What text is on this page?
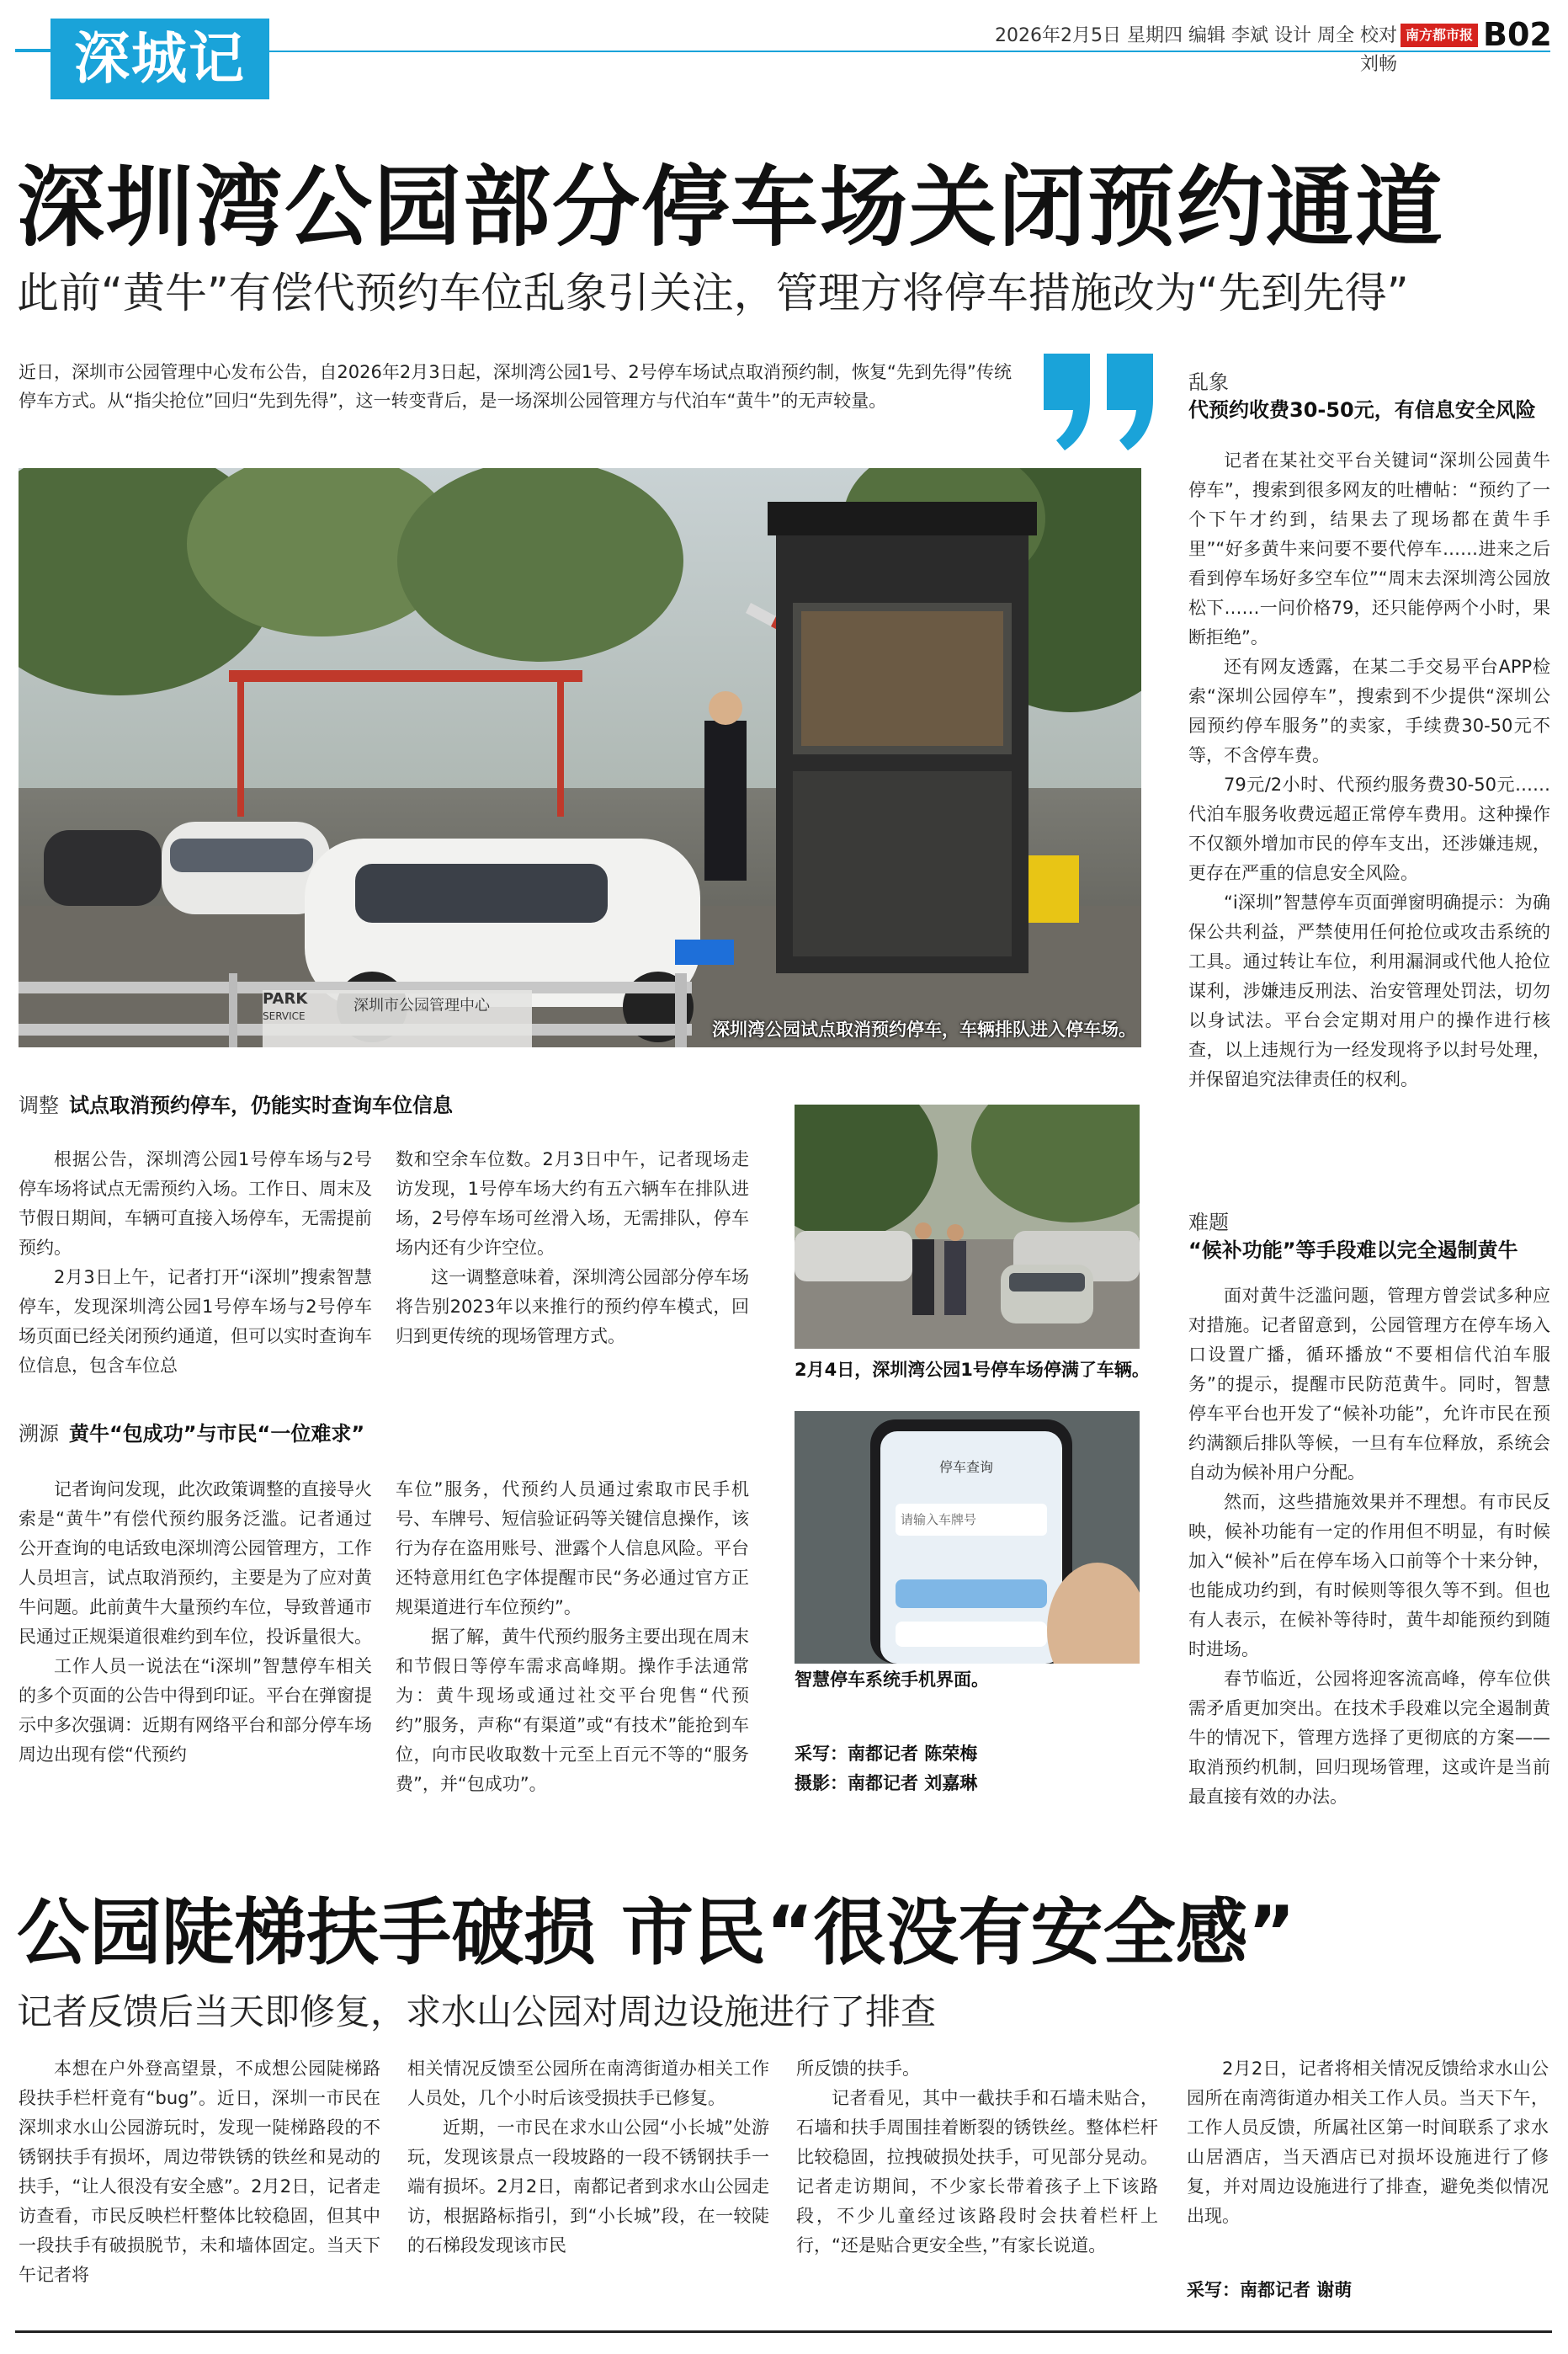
深城记	2026年2月5日 星期四 编辑 李斌 设计 周全 校对 刘畅
南方都市报 B02
深圳湾公园部分停车场关闭预约通道
此前“黄牛”有偿代预约车位乱象引关注，管理方将停车措施改为“先到先得”
近日，深圳市公园管理中心发布公告，自2026年2月3日起，深圳湾公园1号、2号停车场试点取消预约制，恢复“先到先得”传统停车方式。从“指尖抢位”回归“先到先得”，这一转变背后，是一场深圳公园管理方与代泊车“黄牛”的无声较量。
PARK
SERVICE
深圳市公园管理中心
深圳湾公园试点取消预约停车，车辆排队进入停车场。
乱象
代预约收费30-50元，有信息安全风险

记者在某社交平台关键词“深圳公园黄牛停车”，搜索到很多网友的吐槽帖：“预约了一个下午才约到，结果去了现场都在黄牛手里”“好多黄牛来问要不要代停车……进来之后看到停车场好多空车位”“周末去深圳湾公园放松下……一问价格79，还只能停两个小时，果断拒绝”。

还有网友透露，在某二手交易平台APP检索“深圳公园停车”，搜索到不少提供“深圳公园预约停车服务”的卖家，手续费30-50元不等，不含停车费。

79元/2小时、代预约服务费30-50元……代泊车服务收费远超正常停车费用。这种操作不仅额外增加市民的停车支出，还涉嫌违规，更存在严重的信息安全风险。

“i深圳”智慧停车页面弹窗明确提示：为确保公共利益，严禁使用任何抢位或攻击系统的工具。通过转让车位，利用漏洞或代他人抢位谋利，涉嫌违反刑法、治安管理处罚法，切勿以身试法。平台会定期对用户的操作进行核查，以上违规行为一经发现将予以封号处理，并保留追究法律责任的权利。

难题
“候补功能”等手段难以完全遏制黄牛

面对黄牛泛滥问题，管理方曾尝试多种应对措施。记者留意到，公园管理方在停车场入口设置广播，循环播放“不要相信代泊车服务”的提示，提醒市民防范黄牛。同时，智慧停车平台也开发了“候补功能”，允许市民在预约满额后排队等候，一旦有车位释放，系统会自动为候补用户分配。

然而，这些措施效果并不理想。有市民反映，候补功能有一定的作用但不明显，有时候加入“候补”后在停车场入口前等个十来分钟，也能成功约到，有时候则等很久等不到。但也有人表示，在候补等待时，黄牛却能预约到随时进场。

春节临近，公园将迎客流高峰，停车位供需矛盾更加突出。在技术手段难以完全遏制黄牛的情况下，管理方选择了更彻底的方案——取消预约机制，回归现场管理，这或许是当前最直接有效的办法。

调整 试点取消预约停车，仍能实时查询车位信息

根据公告，深圳湾公园1号停车场与2号停车场将试点无需预约入场。工作日、周末及节假日期间，车辆可直接入场停车，无需提前预约。

2月3日上午，记者打开“i深圳”搜索智慧停车，发现深圳湾公园1号停车场与2号停车场页面已经关闭预约通道，但可以实时查询车位信息，包含车位总

数和空余车位数。2月3日中午，记者现场走访发现，1号停车场大约有五六辆车在排队进场，2号停车场可丝滑入场，无需排队，停车场内还有少许空位。

这一调整意味着，深圳湾公园部分停车场将告别2023年以来推行的预约停车模式，回归到更传统的现场管理方式。

溯源 黄牛“包成功”与市民“一位难求”

记者询问发现，此次政策调整的直接导火索是“黄牛”有偿代预约服务泛滥。记者通过公开查询的电话致电深圳湾公园管理方，工作人员坦言，试点取消预约，主要是为了应对黄牛问题。此前黄牛大量预约车位，导致普通市民通过正规渠道很难约到车位，投诉量很大。

工作人员一说法在“i深圳”智慧停车相关的多个页面的公告中得到印证。平台在弹窗提示中多次强调：近期有网络平台和部分停车场周边出现有偿“代预约

车位”服务，代预约人员通过索取市民手机号、车牌号、短信验证码等关键信息操作，该行为存在盗用账号、泄露个人信息风险。平台还特意用红色字体提醒市民“务必通过官方正规渠道进行车位预约”。

据了解，黄牛代预约服务主要出现在周末和节假日等停车需求高峰期。操作手法通常为：黄牛现场或通过社交平台兜售“代预约”服务，声称“有渠道”或“有技术”能抢到车位，向市民收取数十元至上百元不等的“服务费”，并“包成功”。

2月4日，深圳湾公园1号停车场停满了车辆。
停车查询
请输入车牌号
智慧停车系统手机界面。
采写：南都记者 陈荣梅
摄影：南都记者 刘嘉琳
公园陡梯扶手破损 市民“很没有安全感”
记者反馈后当天即修复，求水山公园对周边设施进行了排查

本想在户外登高望景，不成想公园陡梯路段扶手栏杆竟有“bug”。近日，深圳一市民在深圳求水山公园游玩时，发现一陡梯路段的不锈钢扶手有损坏，周边带铁锈的铁丝和晃动的扶手，“让人很没有安全感”。2月2日，记者走访查看，市民反映栏杆整体比较稳固，但其中一段扶手有破损脱节，未和墙体固定。当天下午记者将

相关情况反馈至公园所在南湾街道办相关工作人员处，几个小时后该受损扶手已修复。

近期，一市民在求水山公园“小长城”处游玩，发现该景点一段坡路的一段不锈钢扶手一端有损坏。2月2日，南都记者到求水山公园走访，根据路标指引，到“小长城”段，在一较陡的石梯段发现该市民

所反馈的扶手。

记者看见，其中一截扶手和石墙未贴合，石墙和扶手周围挂着断裂的锈铁丝。整体栏杆比较稳固，拉拽破损处扶手，可见部分晃动。记者走访期间，不少家长带着孩子上下该路段，不少儿童经过该路段时会扶着栏杆上行，“还是贴合更安全些，”有家长说道。

2月2日，记者将相关情况反馈给求水山公园所在南湾街道办相关工作人员。当天下午，工作人员反馈，所属社区第一时间联系了求水山居酒店，当天酒店已对损坏设施进行了修复，并对周边设施进行了排查，避免类似情况出现。

采写：南都记者 谢萌
